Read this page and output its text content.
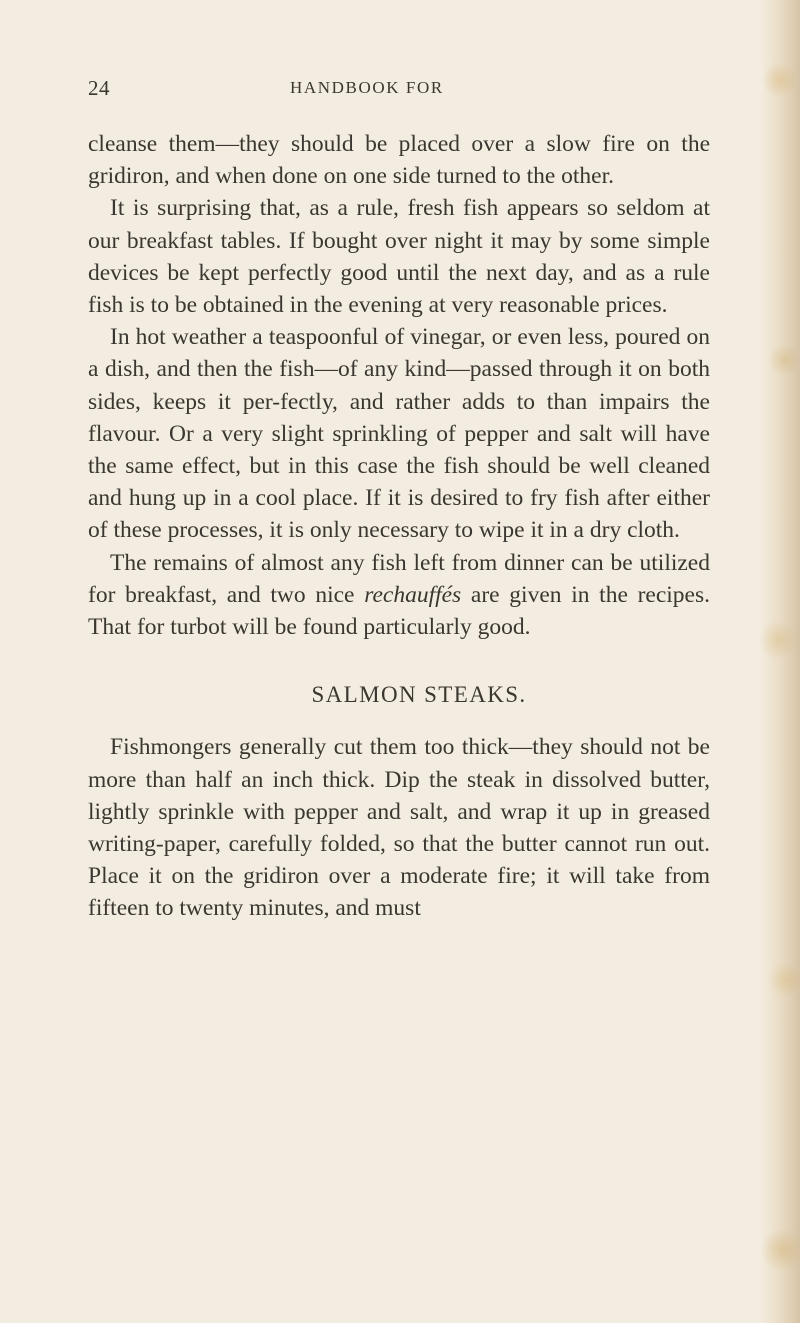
24	HANDBOOK FOR

cleanse them—they should be placed over a slow fire on the gridiron, and when done on one side turned to the other.

It is surprising that, as a rule, fresh fish appears so seldom at our breakfast tables. If bought over night it may by some simple devices be kept perfectly good until the next day, and as a rule fish is to be obtained in the evening at very reasonable prices.

In hot weather a teaspoonful of vinegar, or even less, poured on a dish, and then the fish—of any kind—passed through it on both sides, keeps it per-fectly, and rather adds to than impairs the flavour. Or a very slight sprinkling of pepper and salt will have the same effect, but in this case the fish should be well cleaned and hung up in a cool place. If it is desired to fry fish after either of these processes, it is only necessary to wipe it in a dry cloth.

The remains of almost any fish left from dinner can be utilized for breakfast, and two nice rechauffés are given in the recipes. That for turbot will be found particularly good.

SALMON STEAKS.

Fishmongers generally cut them too thick—they should not be more than half an inch thick. Dip the steak in dissolved butter, lightly sprinkle with pepper and salt, and wrap it up in greased writing-paper, carefully folded, so that the butter cannot run out. Place it on the gridiron over a moderate fire; it will take from fifteen to twenty minutes, and must
